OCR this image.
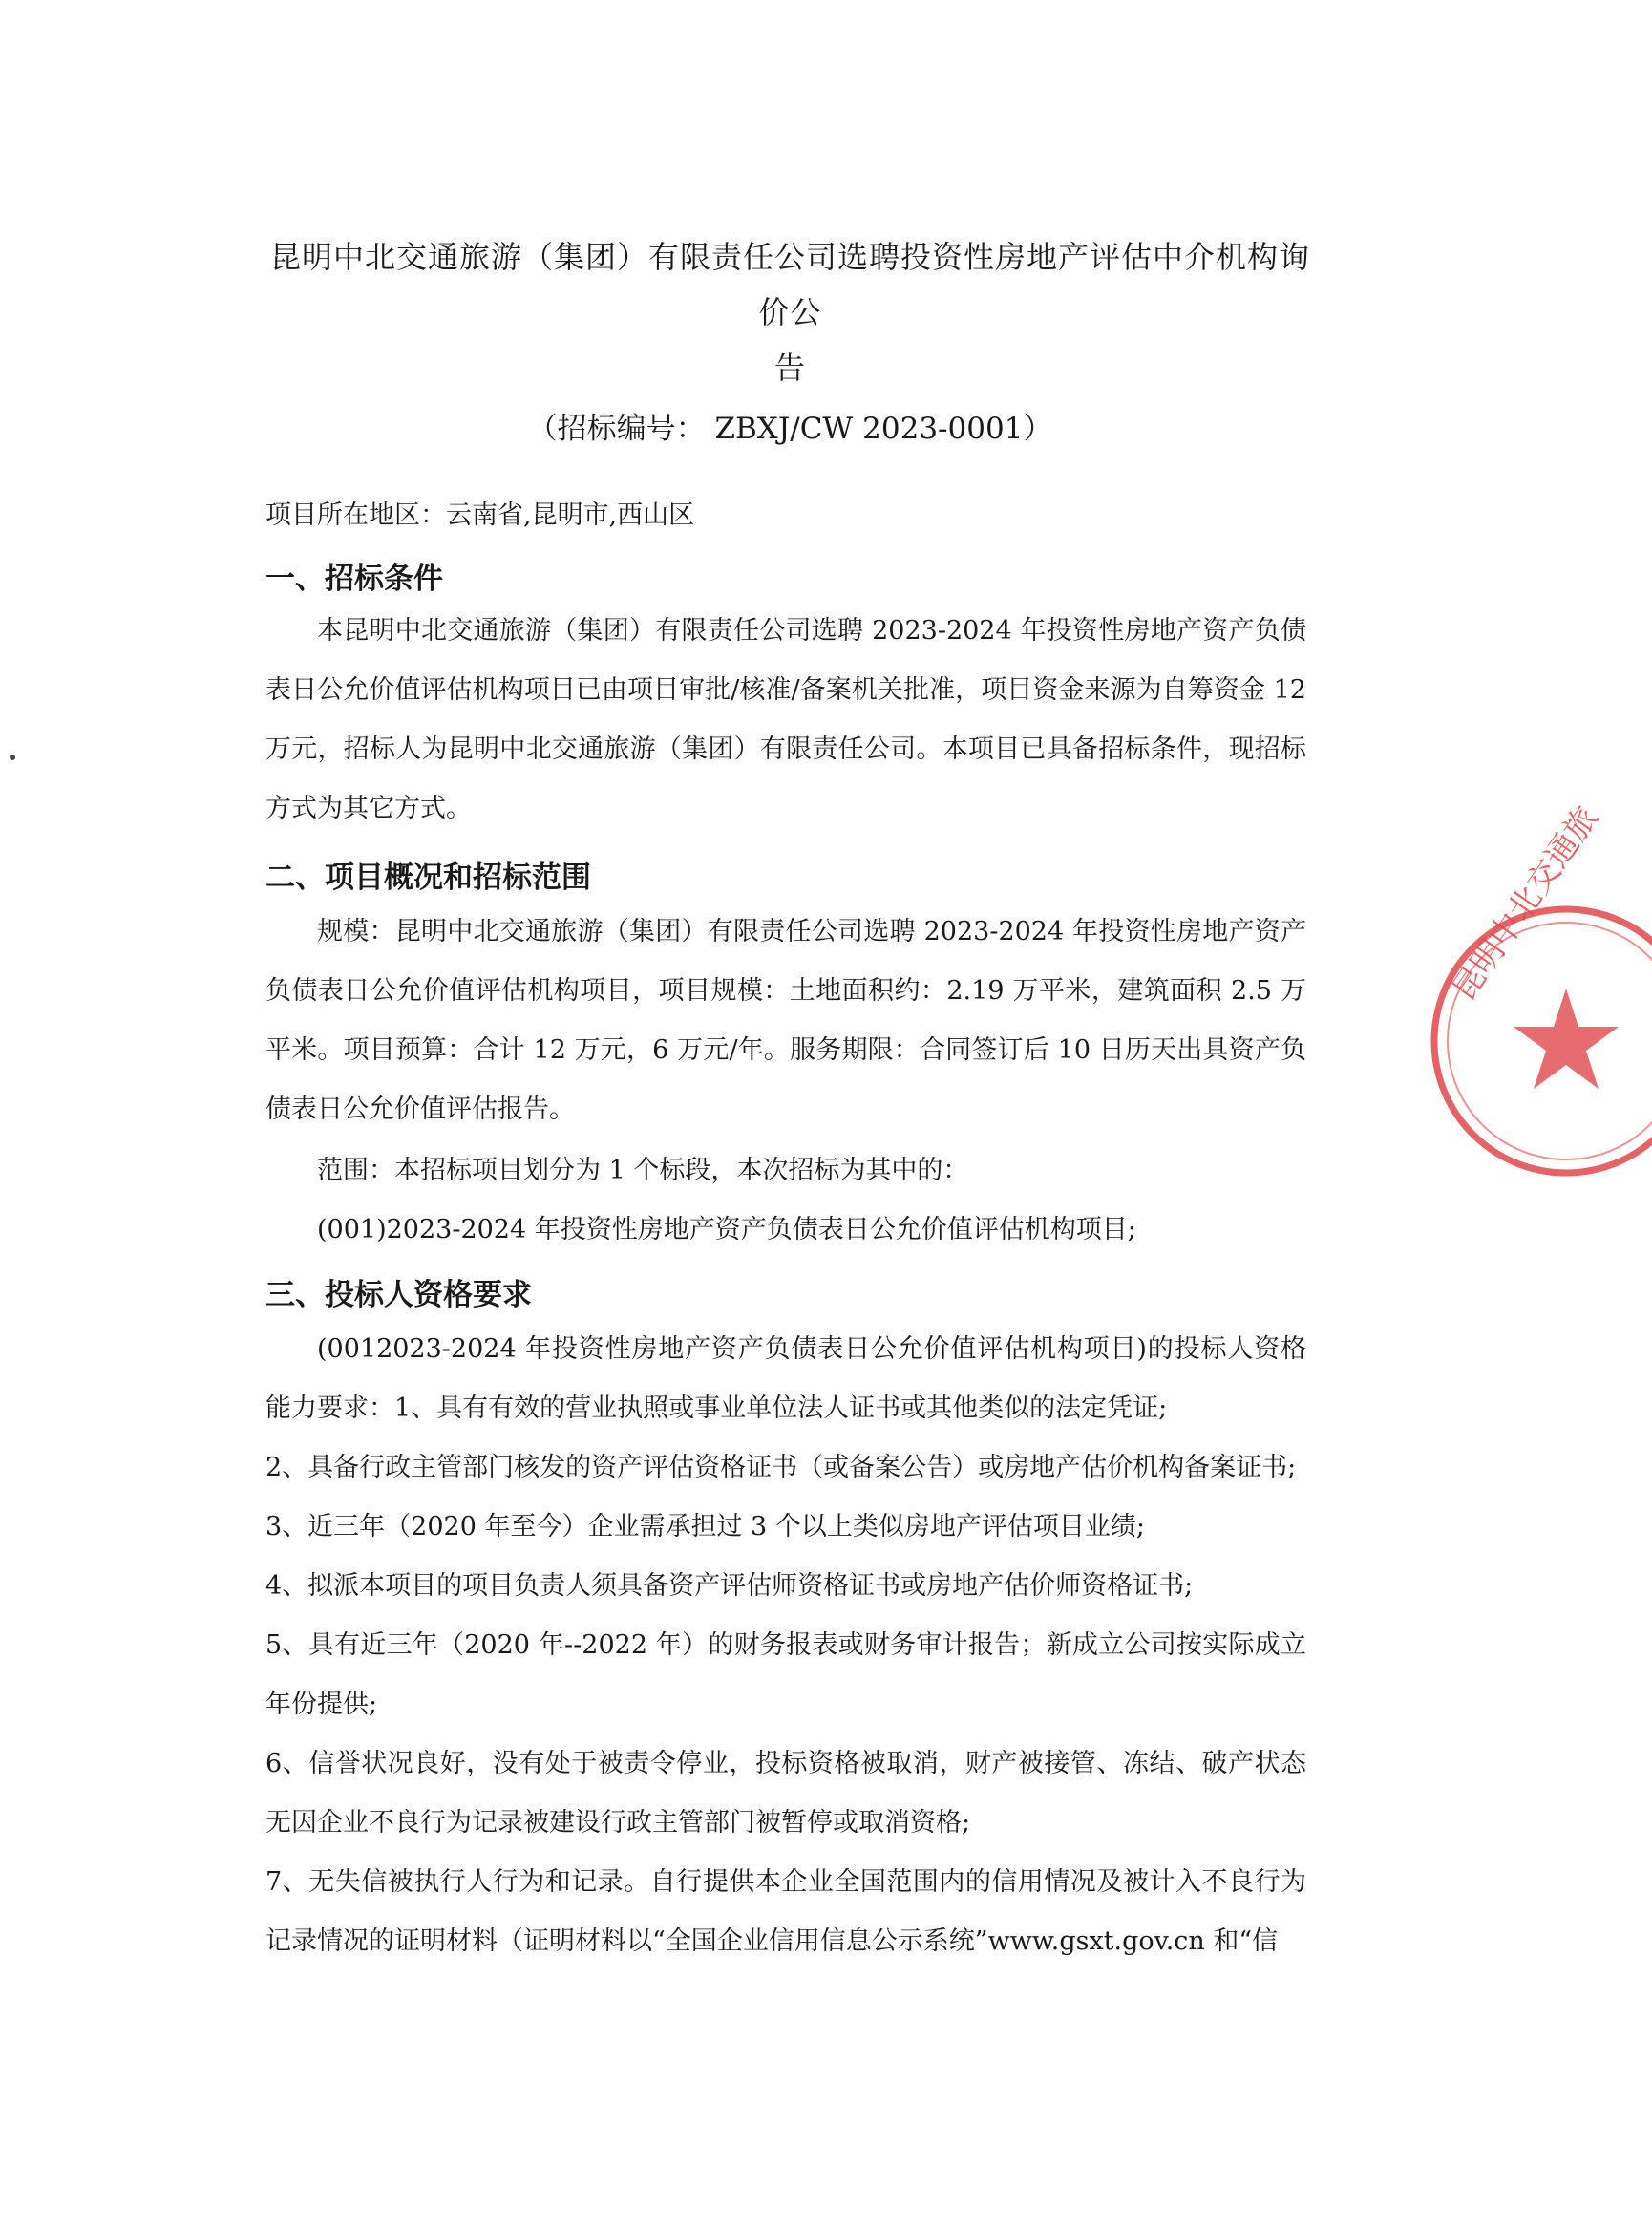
昆明中北交通旅游（集团）有限责任公司选聘投资性房地产评估中介机构询价公
告
（招标编号： ZBXJ/CW 2023-0001）
项目所在地区：云南省,昆明市,西山区
一、招标条件
本昆明中北交通旅游（集团）有限责任公司选聘 2023-2024 年投资性房地产资产负债表日公允价值评估机构项目已由项目审批/核准/备案机关批准，项目资金来源为自筹资金 12 万元，招标人为昆明中北交通旅游（集团）有限责任公司。本项目已具备招标条件，现招标方式为其它方式。
二、项目概况和招标范围
规模：昆明中北交通旅游（集团）有限责任公司选聘 2023-2024 年投资性房地产资产负债表日公允价值评估机构项目，项目规模：土地面积约：2.19 万平米，建筑面积 2.5 万平米。项目预算：合计 12 万元，6 万元/年。服务期限：合同签订后 10 日历天出具资产负债表日公允价值评估报告。
范围：本招标项目划分为 1 个标段，本次招标为其中的：
(001)2023-2024 年投资性房地产资产负债表日公允价值评估机构项目;
三、投标人资格要求
(0012023-2024 年投资性房地产资产负债表日公允价值评估机构项目)的投标人资格能力要求：1、具有有效的营业执照或事业单位法人证书或其他类似的法定凭证;
2、具备行政主管部门核发的资产评估资格证书（或备案公告）或房地产估价机构备案证书;
3、近三年（2020 年至今）企业需承担过 3 个以上类似房地产评估项目业绩;
4、拟派本项目的项目负责人须具备资产评估师资格证书或房地产估价师资格证书;
5、具有近三年（2020 年--2022 年）的财务报表或财务审计报告；新成立公司按实际成立年份提供;
6、信誉状况良好，没有处于被责令停业，投标资格被取消，财产被接管、冻结、破产状态无因企业不良行为记录被建设行政主管部门被暂停或取消资格;
7、无失信被执行人行为和记录。自行提供本企业全国范围内的信用情况及被计入不良行为记录情况的证明材料（证明材料以“全国企业信用信息公示系统”www.gsxt.gov.cn 和“信
昆明中北交通旅
